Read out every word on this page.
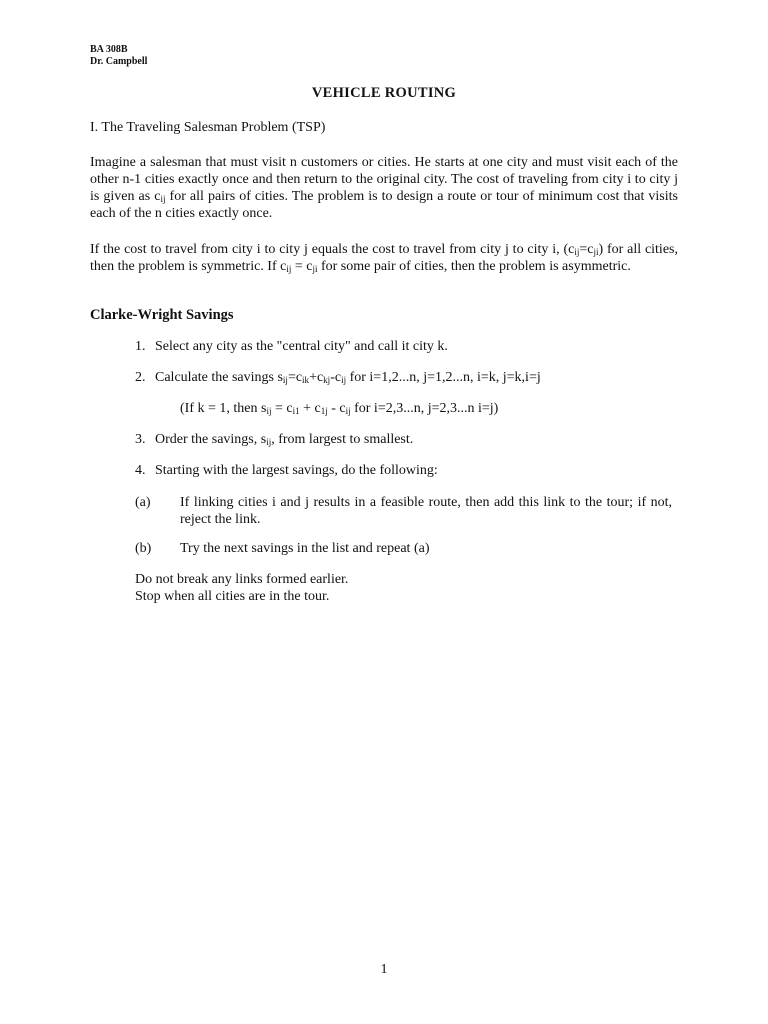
BA 308B
Dr. Campbell
VEHICLE ROUTING
I. The Traveling Salesman Problem (TSP)
Imagine a salesman that must visit n customers or cities. He starts at one city and must visit each of the other n-1 cities exactly once and then return to the original city. The cost of traveling from city i to city j is given as $c_{ij}$ for all pairs of cities. The problem is to design a route or tour of minimum cost that visits each of the n cities exactly once.
If the cost to travel from city i to city j equals the cost to travel from city j to city i, $(c_{ij}=c_{ji})$ for all cities, then the problem is symmetric. If $c_{ij} = c_{ji}$ for some pair of cities, then the problem is asymmetric.
Clarke-Wright Savings
1. Select any city as the "central city" and call it city k.
2. Calculate the savings $s_{ij}=c_{ik}+c_{kj}-c_{ij}$ for i=1,2...n, j=1,2...n, i=k, j=k,i=j
(If k = 1, then $s_{ij} = c_{i1} + c_{1j} - c_{ij}$ for i=2,3...n, j=2,3...n i=j)
3. Order the savings, $s_{ij}$, from largest to smallest.
4. Starting with the largest savings, do the following:
(a) If linking cities i and j results in a feasible route, then add this link to the tour; if not, reject the link.
(b) Try the next savings in the list and repeat (a)
Do not break any links formed earlier.
Stop when all cities are in the tour.
1
